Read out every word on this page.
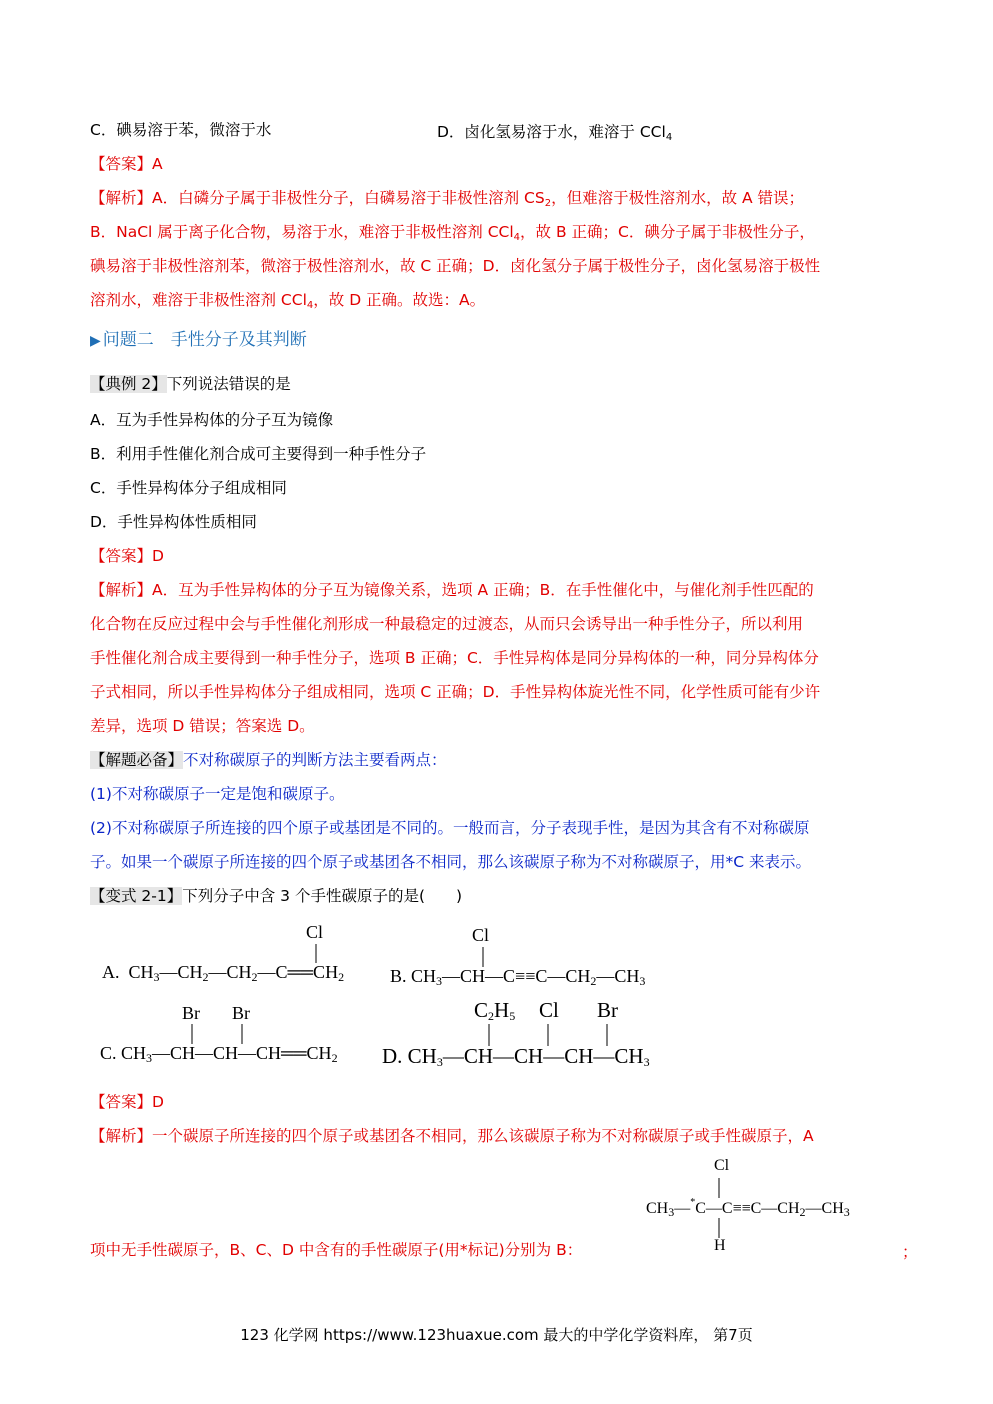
C．碘易溶于苯，微溶于水	D．卤化氢易溶于水，难溶于 CCl$_4$
【答案】A
【解析】A．白磷分子属于非极性分子，白磷易溶于非极性溶剂 $CS_2$，但难溶于极性溶剂水，故 A 错误；
B．NaCl 属于离子化合物，易溶于水，难溶于非极性溶剂 CCl$_4$，故 B 正确；C．碘分子属于非极性分子，
碘易溶于非极性溶剂苯，微溶于极性溶剂水，故 C 正确；D．卤化氢分子属于极性分子，卤化氢易溶于极性
溶剂水，难溶于非极性溶剂 CCl$_4$，故 D 正确。故选：A。
▶ 问题二　手性分子及其判断
【典例 2】下列说法错误的是
A．互为手性异构体的分子互为镜像
B．利用手性催化剂合成可主要得到一种手性分子
C．手性异构体分子组成相同
D．手性异构体性质相同
【答案】D
【解析】A．互为手性异构体的分子互为镜像关系，选项 A 正确；B．在手性催化中，与催化剂手性匹配的
化合物在反应过程中会与手性催化剂形成一种最稳定的过渡态，从而只会诱导出一种手性分子，所以利用
手性催化剂合成主要得到一种手性分子，选项 B 正确；C．手性异构体是同分异构体的一种，同分异构体分
子式相同，所以手性异构体分子组成相同，选项 C 正确；D．手性异构体旋光性不同，化学性质可能有少许
差异，选项 D 错误；答案选 D。
【解题必备】不对称碳原子的判断方法主要看两点：
(1)不对称碳原子一定是饱和碳原子。
(2)不对称碳原子所连接的四个原子或基团是不同的。一般而言，分子表现手性，是因为其含有不对称碳原
子。如果一个碳原子所连接的四个原子或基团各不相同，那么该碳原子称为不对称碳原子，用*C 来表示。
【变式 2-1】下列分子中含 3 个手性碳原子的是(　　)
A. $CH_3—CH_2—CH_2—C══CH_2$
Cl
B. $CH_3—CH—C\equiv\equiv C—CH_2—CH_3$
Cl
C. $CH_3—CH—CH—CH══CH_2$
Br Br
D. $CH_3—CH—CH—CH—CH_3$
$C_2H_5$ Cl Br
【答案】D
【解析】一个碳原子所连接的四个原子或基团各不相同，那么该碳原子称为不对称碳原子或手性碳原子，A
项中无手性碳原子，B、C、D 中含有的手性碳原子(用*标记)分别为 B：	；
Cl
H
$CH_3—^*C—C\equiv\equiv C—CH_2—CH_3$
123 化学网 https://www.123huaxue.com 最大的中学化学资料库， 第7页
